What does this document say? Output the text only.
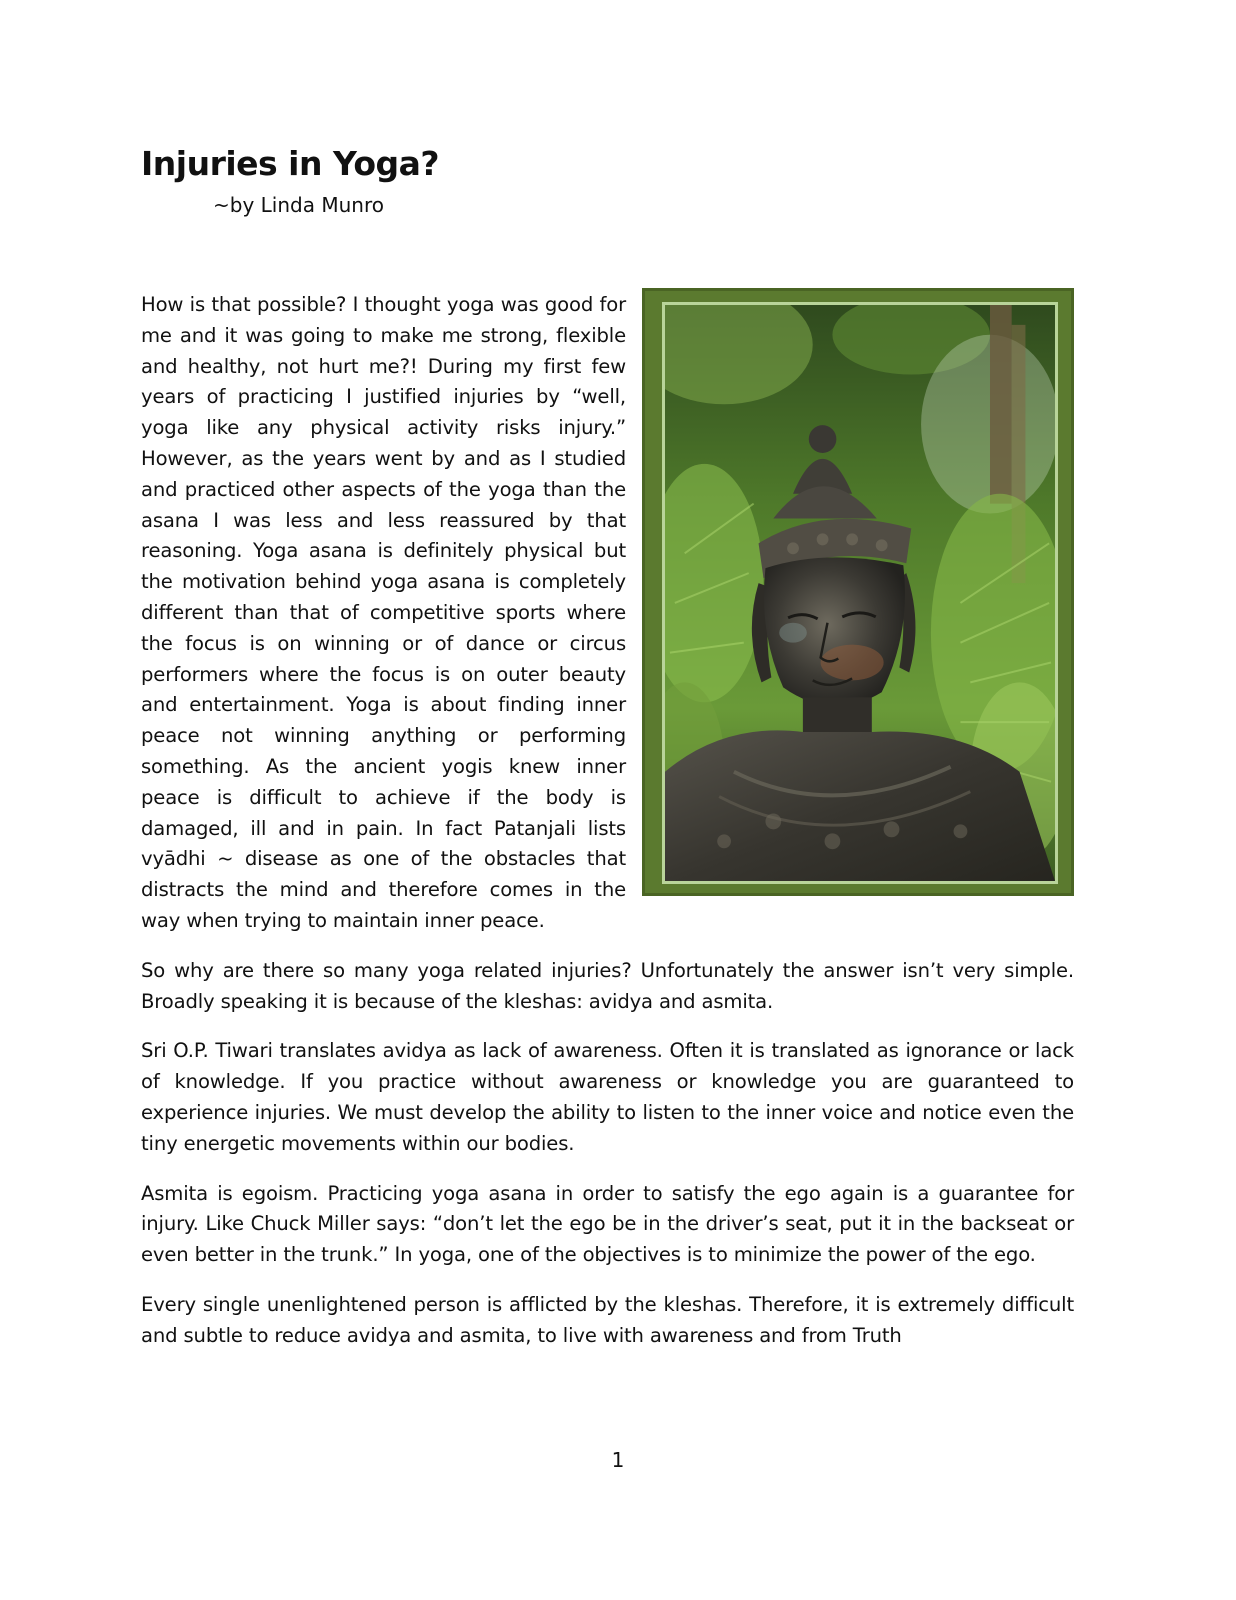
Injuries in Yoga?

~by Linda Munro

How is that possible? I thought yoga was good for me and it was going to make me strong, flexible and healthy, not hurt me?! During my first few years of practicing I justified injuries by “well, yoga like any physical activity risks injury.” However, as the years went by and as I studied and practiced other aspects of the yoga than the asana I was less and less reassured by that reasoning. Yoga asana is definitely physical but the motivation behind yoga asana is completely different than that of competitive sports where the focus is on winning or of dance or circus performers where the focus is on outer beauty and entertainment. Yoga is about finding inner peace not winning anything or performing something. As the ancient yogis knew inner peace is difficult to achieve if the body is damaged, ill and in pain. In fact Patanjali lists vyādhi ~ disease as one of the obstacles that distracts the mind and therefore comes in the way when trying to maintain inner peace.

So why are there so many yoga related injuries? Unfortunately the answer isn’t very simple. Broadly speaking it is because of the kleshas: avidya and asmita.

Sri O.P. Tiwari translates avidya as lack of awareness. Often it is translated as ignorance or lack of knowledge. If you practice without awareness or knowledge you are guaranteed to experience injuries. We must develop the ability to listen to the inner voice and notice even the tiny energetic movements within our bodies.

Asmita is egoism. Practicing yoga asana in order to satisfy the ego again is a guarantee for injury. Like Chuck Miller says: “don’t let the ego be in the driver’s seat, put it in the backseat or even better in the trunk.” In yoga, one of the objectives is to minimize the power of the ego.

Every single unenlightened person is afflicted by the kleshas. Therefore, it is extremely difficult and subtle to reduce avidya and asmita, to live with awareness and from Truth

1
